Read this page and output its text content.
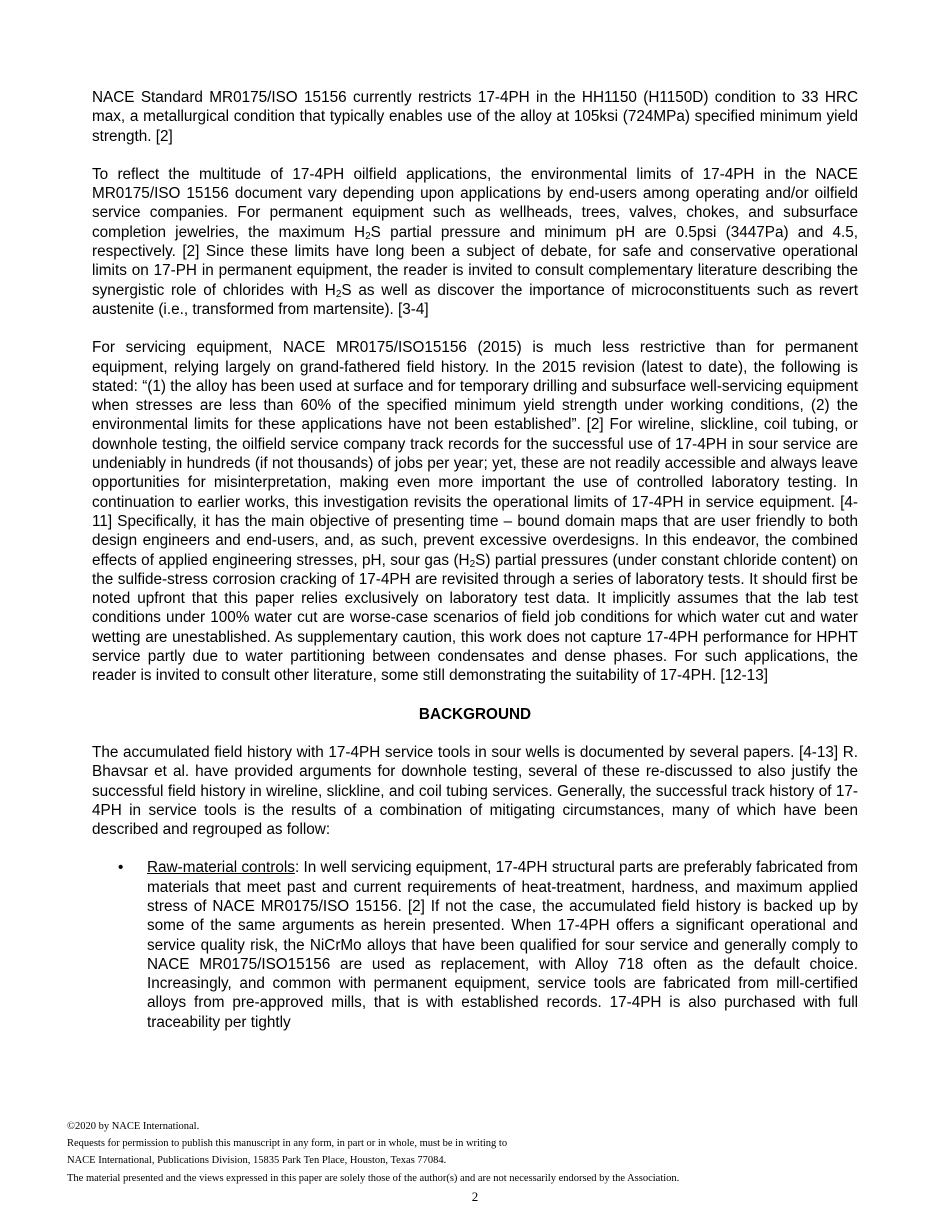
NACE Standard MR0175/ISO 15156 currently restricts 17-4PH in the HH1150 (H1150D) condition to 33 HRC max, a metallurgical condition that typically enables use of the alloy at 105ksi (724MPa) specified minimum yield strength. [2]

To reflect the multitude of 17-4PH oilfield applications, the environmental limits of 17-4PH in the NACE MR0175/ISO 15156 document vary depending upon applications by end-users among operating and/or oilfield service companies. For permanent equipment such as wellheads, trees, valves, chokes, and subsurface completion jewelries, the maximum $H_2S$ partial pressure and minimum pH are 0.5psi (3447Pa) and 4.5, respectively. [2] Since these limits have long been a subject of debate, for safe and conservative operational limits on 17-PH in permanent equipment, the reader is invited to consult complementary literature describing the synergistic role of chlorides with $H_2S$ as well as discover the importance of microconstituents such as revert austenite (i.e., transformed from martensite). [3-4]

For servicing equipment, NACE MR0175/ISO15156 (2015) is much less restrictive than for permanent equipment, relying largely on grand-fathered field history. In the 2015 revision (latest to date), the following is stated: “(1) the alloy has been used at surface and for temporary drilling and subsurface well-servicing equipment when stresses are less than 60% of the specified minimum yield strength under working conditions, (2) the environmental limits for these applications have not been established”. [2] For wireline, slickline, coil tubing, or downhole testing, the oilfield service company track records for the successful use of 17-4PH in sour service are undeniably in hundreds (if not thousands) of jobs per year; yet, these are not readily accessible and always leave opportunities for misinterpretation, making even more important the use of controlled laboratory testing. In continuation to earlier works, this investigation revisits the operational limits of 17-4PH in service equipment. [4-11] Specifically, it has the main objective of presenting time – bound domain maps that are user friendly to both design engineers and end-users, and, as such, prevent excessive overdesigns. In this endeavor, the combined effects of applied engineering stresses, pH, sour gas $(H_2S)$ partial pressures (under constant chloride content) on the sulfide-stress corrosion cracking of 17-4PH are revisited through a series of laboratory tests. It should first be noted upfront that this paper relies exclusively on laboratory test data. It implicitly assumes that the lab test conditions under 100% water cut are worse-case scenarios of field job conditions for which water cut and water wetting are unestablished. As supplementary caution, this work does not capture 17-4PH performance for HPHT service partly due to water partitioning between condensates and dense phases. For such applications, the reader is invited to consult other literature, some still demonstrating the suitability of 17-4PH. [12-13]

BACKGROUND

The accumulated field history with 17-4PH service tools in sour wells is documented by several papers. [4-13] R. Bhavsar et al. have provided arguments for downhole testing, several of these re-discussed to also justify the successful field history in wireline, slickline, and coil tubing services. Generally, the successful track history of 17-4PH in service tools is the results of a combination of mitigating circumstances, many of which have been described and regrouped as follow:

• Raw-material controls: In well servicing equipment, 17-4PH structural parts are preferably fabricated from materials that meet past and current requirements of heat-treatment, hardness, and maximum applied stress of NACE MR0175/ISO 15156. [2] If not the case, the accumulated field history is backed up by some of the same arguments as herein presented. When 17-4PH offers a significant operational and service quality risk, the NiCrMo alloys that have been qualified for sour service and generally comply to NACE MR0175/ISO15156 are used as replacement, with Alloy 718 often as the default choice. Increasingly, and common with permanent equipment, service tools are fabricated from mill-certified alloys from pre-approved mills, that is with established records. 17-4PH is also purchased with full traceability per tightly
©2020 by NACE International.
Requests for permission to publish this manuscript in any form, in part or in whole, must be in writing to
NACE International, Publications Division, 15835 Park Ten Place, Houston, Texas 77084.
The material presented and the views expressed in this paper are solely those of the author(s) and are not necessarily endorsed by the Association.
2
